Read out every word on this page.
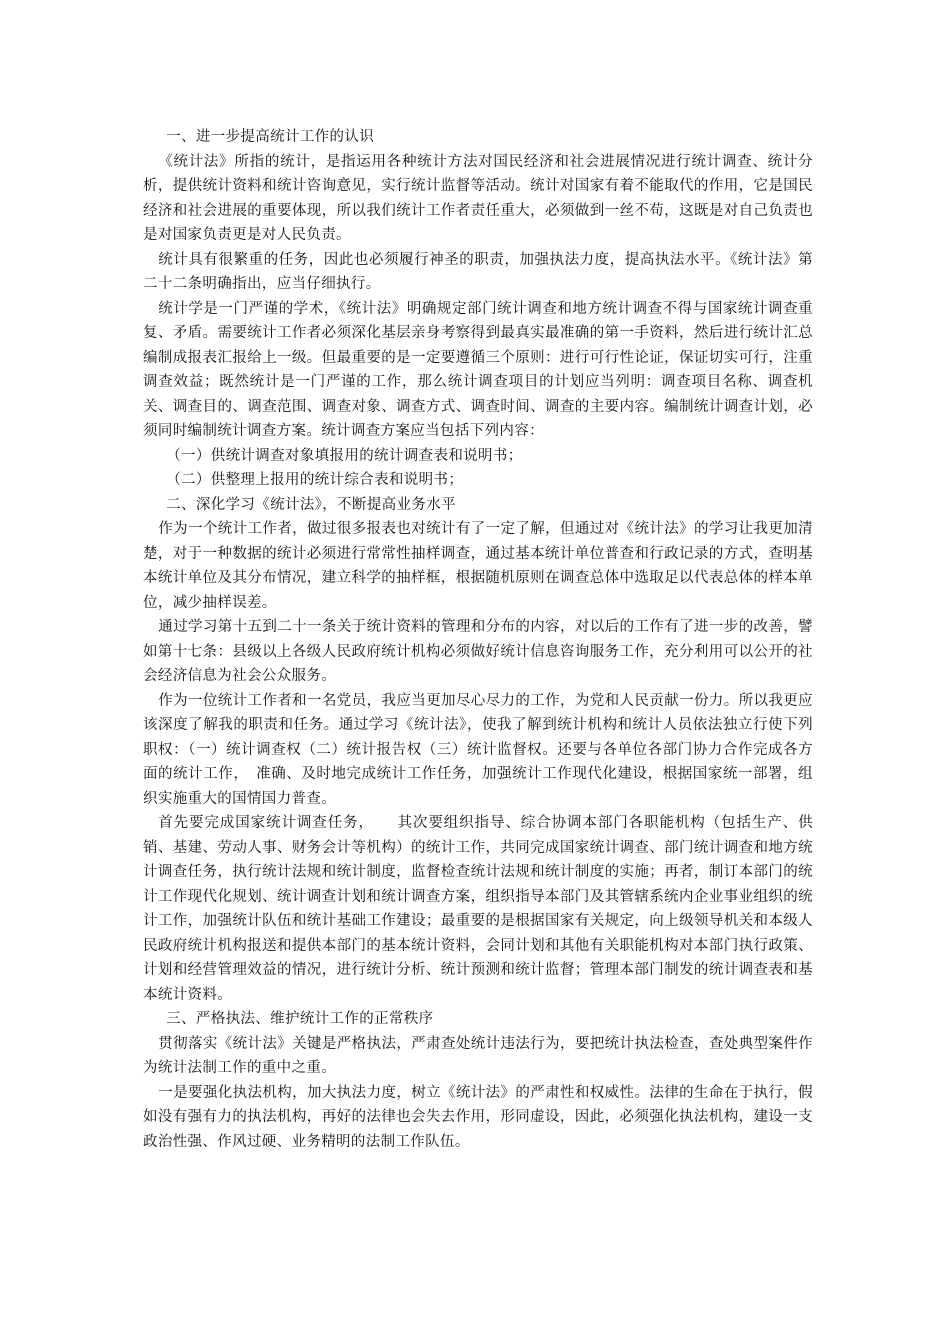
一、进一步提高统计工作的认识

《统计法》所指的统计，是指运用各种统计方法对国民经济和社会进展情况进行统计调查、统计分析，提供统计资料和统计咨询意见，实行统计监督等活动。统计对国家有着不能取代的作用，它是国民经济和社会进展的重要体现，所以我们统计工作者责任重大，必须做到一丝不苟，这既是对自己负责也是对国家负责更是对人民负责。

统计具有很繁重的任务，因此也必须履行神圣的职责，加强执法力度，提高执法水平。《统计法》第二十二条明确指出，应当仔细执行。

统计学是一门严谨的学术，《统计法》明确规定部门统计调查和地方统计调查不得与国家统计调查重复、矛盾。需要统计工作者必须深化基层亲身考察得到最真实最准确的第一手资料，然后进行统计汇总编制成报表汇报给上一级。但最重要的是一定要遵循三个原则：进行可行性论证，保证切实可行，注重调查效益；既然统计是一门严谨的工作，那么统计调查项目的计划应当列明：调查项目名称、调查机关、调查目的、调查范围、调查对象、调查方式、调查时间、调查的主要内容。编制统计调查计划，必须同时编制统计调查方案。统计调查方案应当包括下列内容：

（一）供统计调查对象填报用的统计调查表和说明书；

（二）供整理上报用的统计综合表和说明书；

二、深化学习《统计法》，不断提高业务水平

作为一个统计工作者，做过很多报表也对统计有了一定了解，但通过对《统计法》的学习让我更加清楚，对于一种数据的统计必须进行常常性抽样调查，通过基本统计单位普查和行政记录的方式，查明基本统计单位及其分布情况，建立科学的抽样框，根据随机原则在调查总体中选取足以代表总体的样本单位，减少抽样误差。

通过学习第十五到二十一条关于统计资料的管理和分布的内容，对以后的工作有了进一步的改善，譬如第十七条：县级以上各级人民政府统计机构必须做好统计信息咨询服务工作，充分利用可以公开的社会经济信息为社会公众服务。

作为一位统计工作者和一名党员，我应当更加尽心尽力的工作，为党和人民贡献一份力。所以我更应该深度了解我的职责和任务。通过学习《统计法》，使我了解到统计机构和统计人员依法独立行使下列职权：（一）统计调查权（二）统计报告权（三）统计监督权。还要与各单位各部门协力合作完成各方面的统计工作，　准确、及时地完成统计工作任务，加强统计工作现代化建设，根据国家统一部署，组织实施重大的国情国力普查。

首先要完成国家统计调查任务，　　其次要组织指导、综合协调本部门各职能机构（包括生产、供销、基建、劳动人事、财务会计等机构）的统计工作，共同完成国家统计调查、部门统计调查和地方统计调查任务，执行统计法规和统计制度，监督检查统计法规和统计制度的实施；再者，制订本部门的统计工作现代化规划、统计调查计划和统计调查方案，组织指导本部门及其管辖系统内企业事业组织的统计工作，加强统计队伍和统计基础工作建设；最重要的是根据国家有关规定，向上级领导机关和本级人民政府统计机构报送和提供本部门的基本统计资料，会同计划和其他有关职能机构对本部门执行政策、计划和经营管理效益的情况，进行统计分析、统计预测和统计监督；管理本部门制发的统计调查表和基本统计资料。

三、严格执法、维护统计工作的正常秩序

贯彻落实《统计法》关键是严格执法，严肃查处统计违法行为，要把统计执法检查，查处典型案件作为统计法制工作的重中之重。

一是要强化执法机构，加大执法力度，树立《统计法》的严肃性和权威性。法律的生命在于执行，假如没有强有力的执法机构，再好的法律也会失去作用，形同虚设，因此，必须强化执法机构，建设一支政治性强、作风过硬、业务精明的法制工作队伍。
